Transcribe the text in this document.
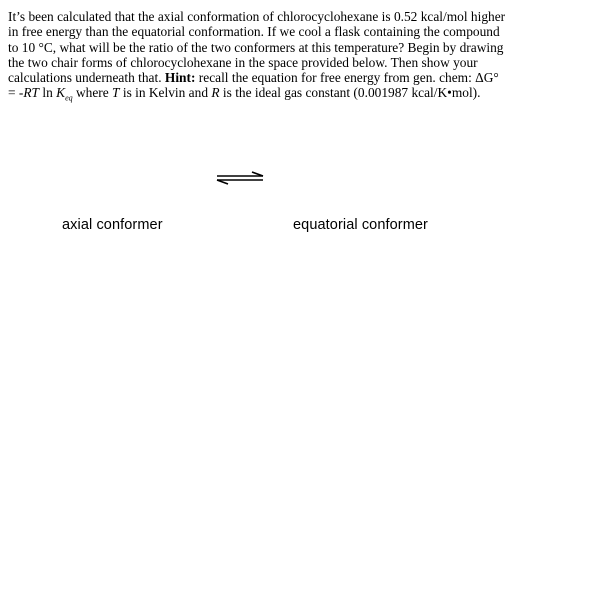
It’s been calculated that the axial conformation of chlorocyclohexane is 0.52 kcal/mol higher
in free energy than the equatorial conformation. If we cool a flask containing the compound
to 10 °C, what will be the ratio of the two conformers at this temperature? Begin by drawing
the two chair forms of chlorocyclohexane in the space provided below. Then show your
calculations underneath that. Hint: recall the equation for free energy from gen. chem: ΔG°
= -RT $\ln K_{eq}$ where T is in Kelvin and R is the ideal gas constant (0.001987 kcal/K•mol).
axial conformer	equatorial conformer
